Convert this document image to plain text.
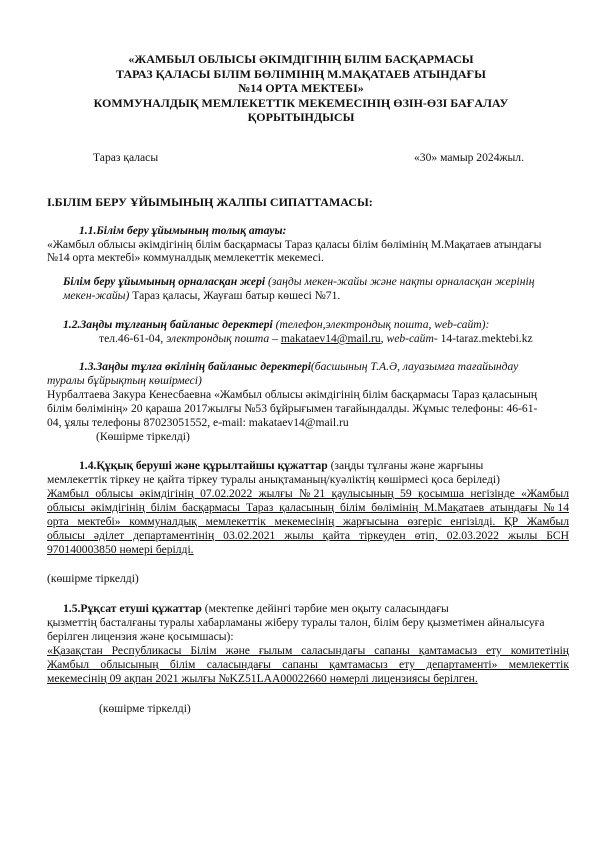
«ЖАМБЫЛ ОБЛЫСЫ ӘКІМДІГІНІҢ БІЛІМ БАСҚАРМАСЫ
ТАРАЗ ҚАЛАСЫ БІЛІМ БӨЛІМІНІҢ М.МАҚАТАЕВ АТЫНДАҒЫ
№14 ОРТА МЕКТЕБІ»
КОММУНАЛДЫҚ МЕМЛЕКЕТТІК МЕКЕМЕСІНІҢ ӨЗІН-ӨЗІ БАҒАЛАУ
ҚОРЫТЫНДЫСЫ
Тараз қаласы	«30» мамыр 2024жыл.
I.БІЛІМ БЕРУ ҰЙЫМЫНЫҢ ЖАЛПЫ СИПАТТАМАСЫ:
1.1.Білім беру ұйымының толық атауы:
«Жамбыл облысы әкімдігінің білім басқармасы Тараз қаласы білім бөлімінің М.Мақатаев атындағы
№14 орта мектебі» коммуналдық мемлекеттік мекемесі.
Білім беру ұйымының орналасқан жері (заңды мекен-жайы және нақты орналасқан жерінің
мекен-жайы) Тараз қаласы, Жауғаш батыр көшесі №71.
1.2.Заңды тұлғаның байланыс деректері (телефон,электрондық пошта, web-сайт):
тел.46-61-04, электрондық пошта – makataev14@mail.ru, web-сайт- 14-taraz.mektebi.kz
1.3.Заңды тұлға өкілінің байланыс деректері(басшының Т.А.Ә, лауазымға тағайындау
туралы бұйрықтың көшірмесі)
Нурбалтаева Закура Кенесбаевна «Жамбыл облысы әкімдігінің білім басқармасы Тараз қаласының
білім бөлімінің» 20 қараша 2017жылғы №53 бұйрығымен тағайындалды. Жұмыс телефоны: 46-61-
04, ұялы телефоны 87023051552, e-mail: makataev14@mail.ru
(Көшірме тіркелді)
1.4.Құқық беруші және құрылтайшы құжаттар (заңды тұлғаны және жарғыны
мемлекеттік тіркеу не қайта тіркеу туралы анықтаманың/куәліктің көшірмесі қоса беріледі)
Жамбыл облысы әкімдігінің 07.02.2022 жылғы №21 қаулысының 59 қосымша негізінде «Жамбыл
облысы әкімдігінің білім басқармасы Тараз қаласының білім бөлімінің М.Мақатаев атындағы №14
орта мектебі» коммуналдық мемлекеттік мекемесінің жарғысына өзгеріс енгізілді. ҚР Жамбыл
облысы әділет департаментінің 03.02.2021 жылы қайта тіркеуден өтіп, 02.03.2022 жылы БСН
970140003850 нөмері берілді.
(көшірме тіркелді)
1.5.Рұқсат етуші құжаттар (мектепке дейінгі тәрбие мен оқыту саласындағы
қызметтің басталғаны туралы хабарламаны жіберу туралы талон, білім беру қызметімен айналысуға
берілген лицензия және қосымшасы):
«Қазақстан Республикасы Білім және ғылым саласындағы сапаны қамтамасыз ету комитетінің
Жамбыл облысының білім саласындағы сапаны қамтамасыз ету департаменті» мемлекеттік
мекемесінің 09 ақпан 2021 жылғы №KZ51LAA00022660 нөмерлі лицензиясы берілген.
(көшірме тіркелді)
